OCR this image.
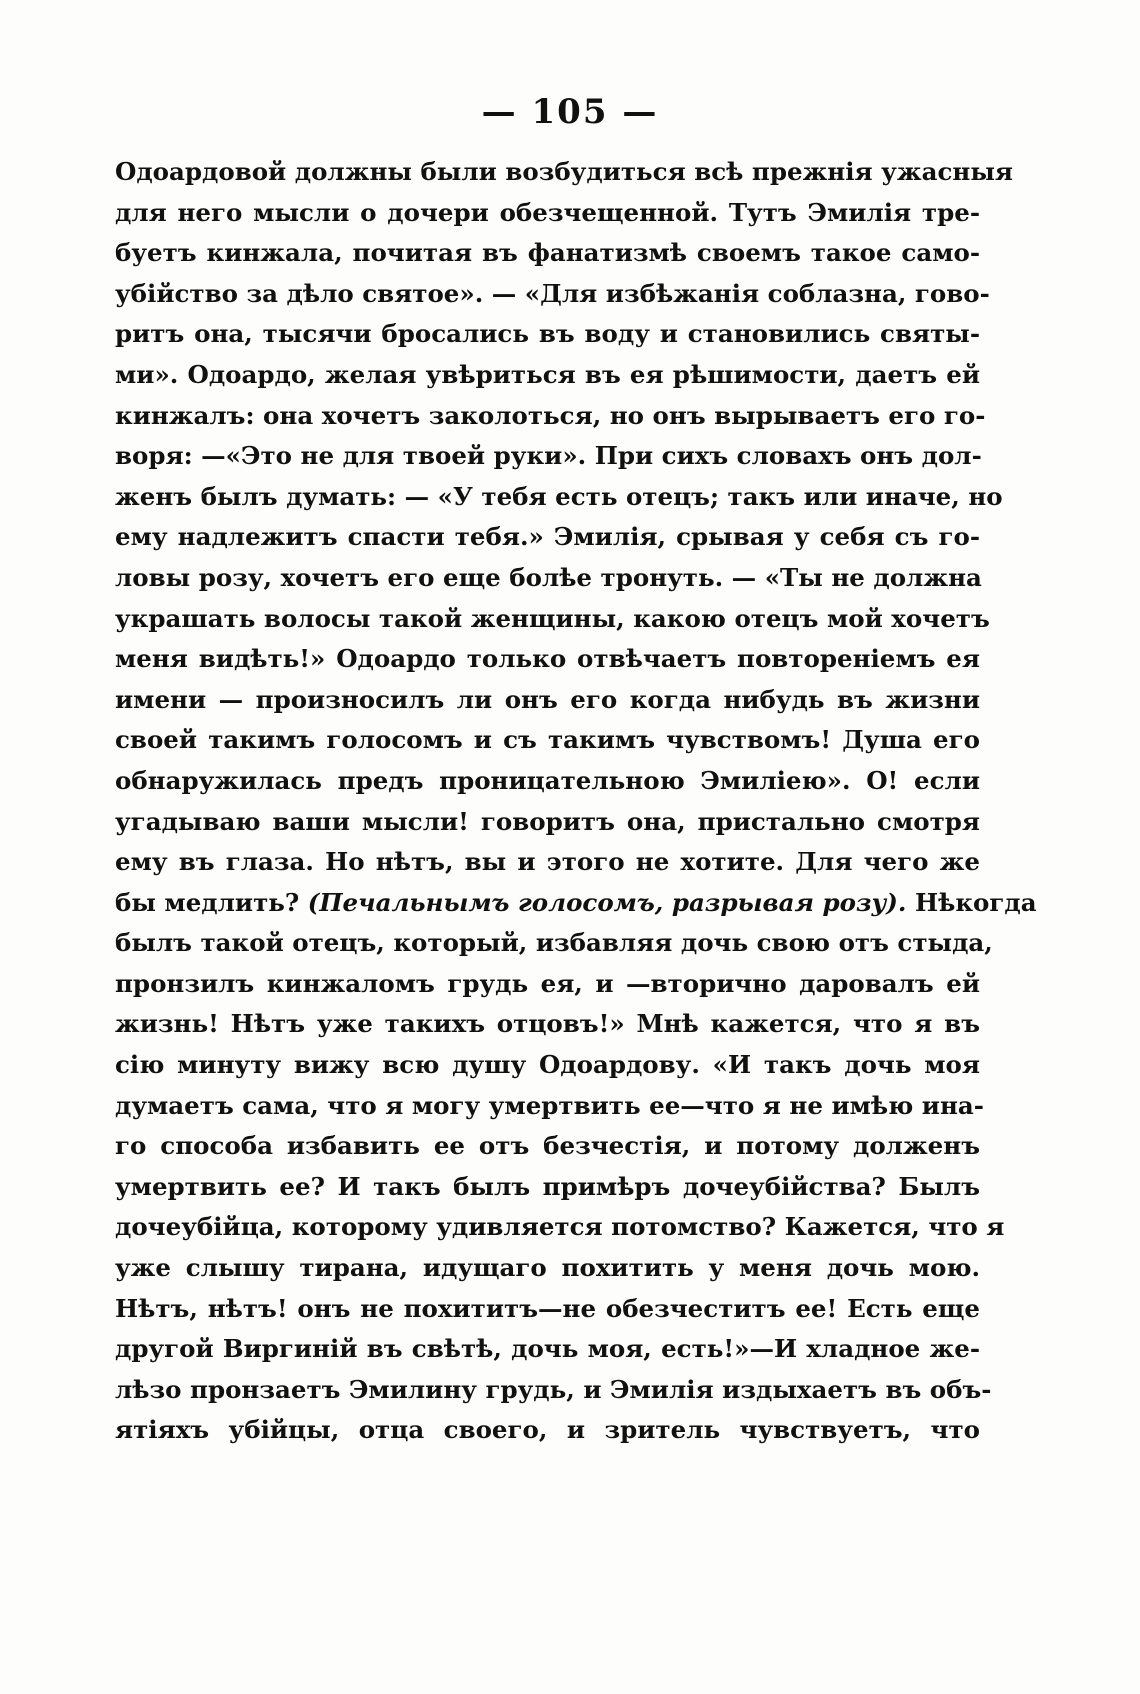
— 105 —
Одоардовой должны были возбудиться всѣ прежнія ужасныя
для него мысли о дочери обезчещенной. Тутъ Эмилія тре-
буетъ кинжала, почитая въ фанатизмѣ своемъ такое само-
убійство за дѣло святое». — «Для избѣжанія соблазна, гово-
ритъ она, тысячи бросались въ воду и становились святы-
ми». Одоардо, желая увѣриться въ ея рѣшимости, даетъ ей
кинжалъ: она хочетъ заколоться, но онъ вырываетъ его го-
воря: —«Это не для твоей руки». При сихъ словахъ онъ дол-
женъ былъ думать: — «У тебя есть отецъ; такъ или иначе, но
ему надлежитъ спасти тебя.» Эмилія, срывая у себя съ го-
ловы розу, хочетъ его еще болѣе тронуть. — «Ты не должна
украшать волосы такой женщины, какою отецъ мой хочетъ
меня видѣть!» Одоардо только отвѣчаетъ повтореніемъ ея
имени — произносилъ ли онъ его когда нибудь въ жизни
своей такимъ голосомъ и съ такимъ чувствомъ! Душа его
обнаружилась предъ проницательною Эмиліею». О! если
угадываю ваши мысли! говоритъ она, пристально смотря
ему въ глаза. Но нѣтъ, вы и этого не хотите. Для чего же
бы медлить? (Печальнымъ голосомъ, разрывая розу). Нѣкогда
былъ такой отецъ, который, избавляя дочь свою отъ стыда,
пронзилъ кинжаломъ грудь ея, и —вторично даровалъ ей
жизнь! Нѣтъ уже такихъ отцовъ!» Мнѣ кажется, что я въ
сію минуту вижу всю душу Одоардову. «И такъ дочь моя
думаетъ сама, что я могу умертвить ее—что я не имѣю ина-
го способа избавить ее отъ безчестія, и потому долженъ
умертвить ее? И такъ былъ примѣръ дочеубійства? Былъ
дочеубійца, которому удивляется потомство? Кажется, что я
уже слышу тирана, идущаго похитить у меня дочь мою.
Нѣтъ, нѣтъ! онъ не похититъ—не обезчеститъ ее! Есть еще
другой Виргиній въ свѣтѣ, дочь моя, есть!»—И хладное же-
лѣзо пронзаетъ Эмилину грудь, и Эмилія издыхаетъ въ объ-
ятіяхъ убійцы, отца своего, и зритель чувствуетъ, что
